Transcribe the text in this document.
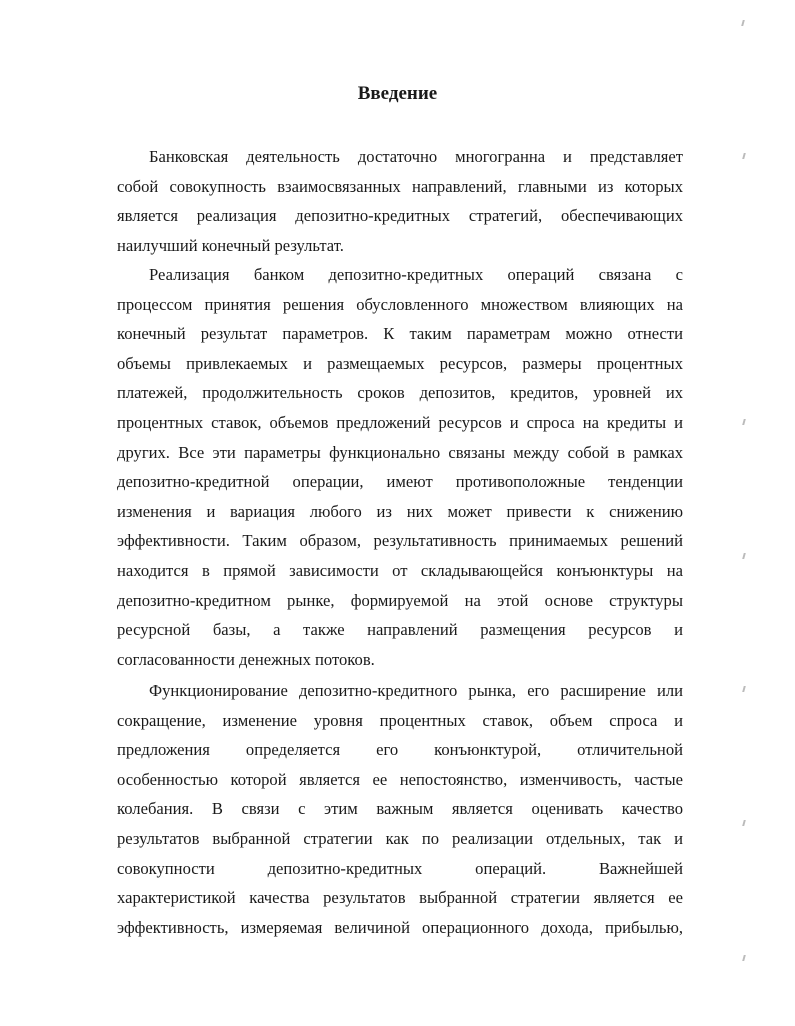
Введение
Банковская деятельность достаточно многогранна и представляет
собой совокупность взаимосвязанных направлений, главными из которых
является реализация депозитно-кредитных стратегий, обеспечивающих
наилучший конечный результат.
Реализация банком депозитно-кредитных операций связана с
процессом принятия решения обусловленного множеством влияющих на
конечный результат параметров. К таким параметрам можно отнести
объемы привлекаемых и размещаемых ресурсов, размеры процентных
платежей, продолжительность сроков депозитов, кредитов, уровней их
процентных ставок, объемов предложений ресурсов и спроса на кредиты и
других. Все эти параметры функционально связаны между собой в рамках
депозитно-кредитной операции, имеют противоположные тенденции
изменения и вариация любого из них может привести к снижению
эффективности. Таким образом, результативность принимаемых решений
находится в прямой зависимости от складывающейся конъюнктуры на
депозитно-кредитном рынке, формируемой на этой основе структуры
ресурсной базы, а также направлений размещения ресурсов и
согласованности денежных потоков.
Функционирование депозитно-кредитного рынка, его расширение или
сокращение, изменение уровня процентных ставок, объем спроса и
предложения определяется его конъюнктурой, отличительной
особенностью которой является ее непостоянство, изменчивость, частые
колебания. В связи с этим важным является оценивать качество
результатов выбранной стратегии как по реализации отдельных, так и
совокупности депозитно-кредитных операций. Важнейшей
характеристикой качества результатов выбранной стратегии является ее
эффективность, измеряемая величиной операционного дохода, прибылью,
